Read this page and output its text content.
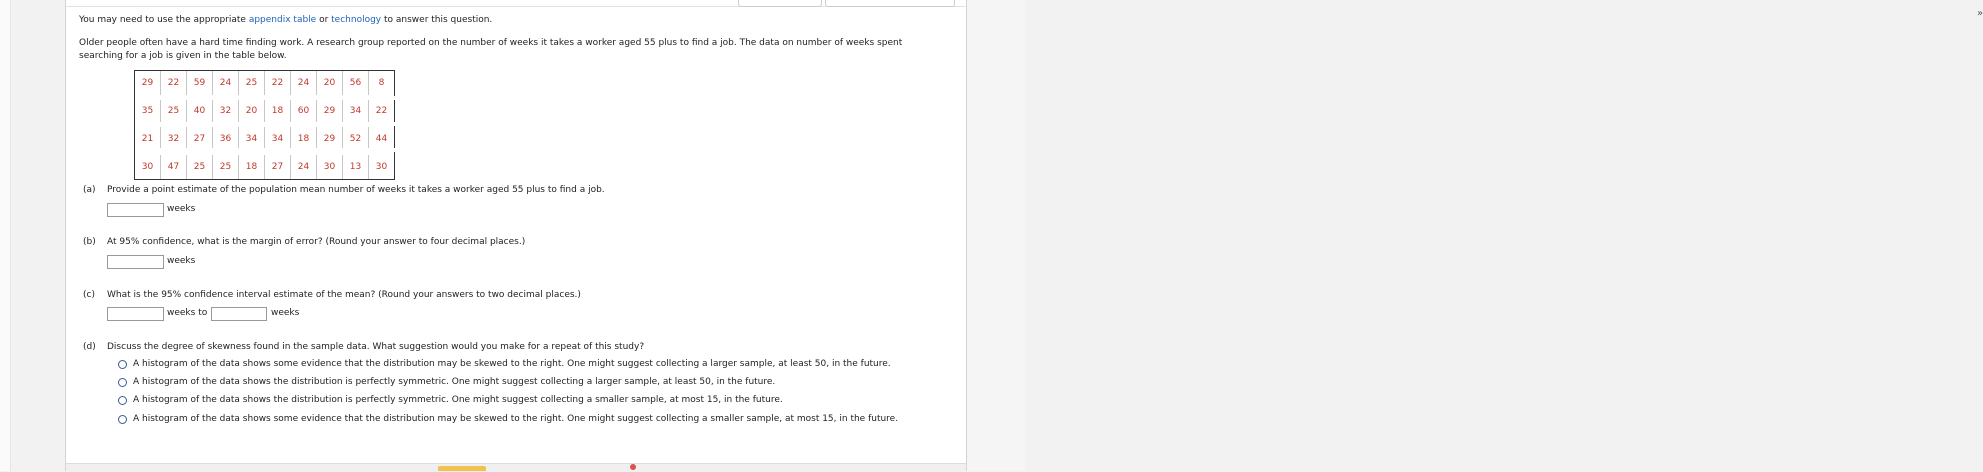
»
You may need to use the appropriate appendix table or technology to answer this question.
Older people often have a hard time finding work. A research group reported on the number of weeks it takes a worker aged 55 plus to find a job. The data on number of weeks spent
searching for a job is given in the table below.
29	22	59	24	25	22	24	20	56	8
35	25	40	32	20	18	60	29	34	22
21	32	27	36	34	34	18	29	52	44
30	47	25	25	18	27	24	30	13	30
(a) Provide a point estimate of the population mean number of weeks it takes a worker aged 55 plus to find a job.
weeks
(b) At 95% confidence, what is the margin of error? (Round your answer to four decimal places.)
weeks
(c) What is the 95% confidence interval estimate of the mean? (Round your answers to two decimal places.)
weeks to	weeks
(d) Discuss the degree of skewness found in the sample data. What suggestion would you make for a repeat of this study?
A histogram of the data shows some evidence that the distribution may be skewed to the right. One might suggest collecting a larger sample, at least 50, in the future.
A histogram of the data shows the distribution is perfectly symmetric. One might suggest collecting a larger sample, at least 50, in the future.
A histogram of the data shows the distribution is perfectly symmetric. One might suggest collecting a smaller sample, at most 15, in the future.
A histogram of the data shows some evidence that the distribution may be skewed to the right. One might suggest collecting a smaller sample, at most 15, in the future.
